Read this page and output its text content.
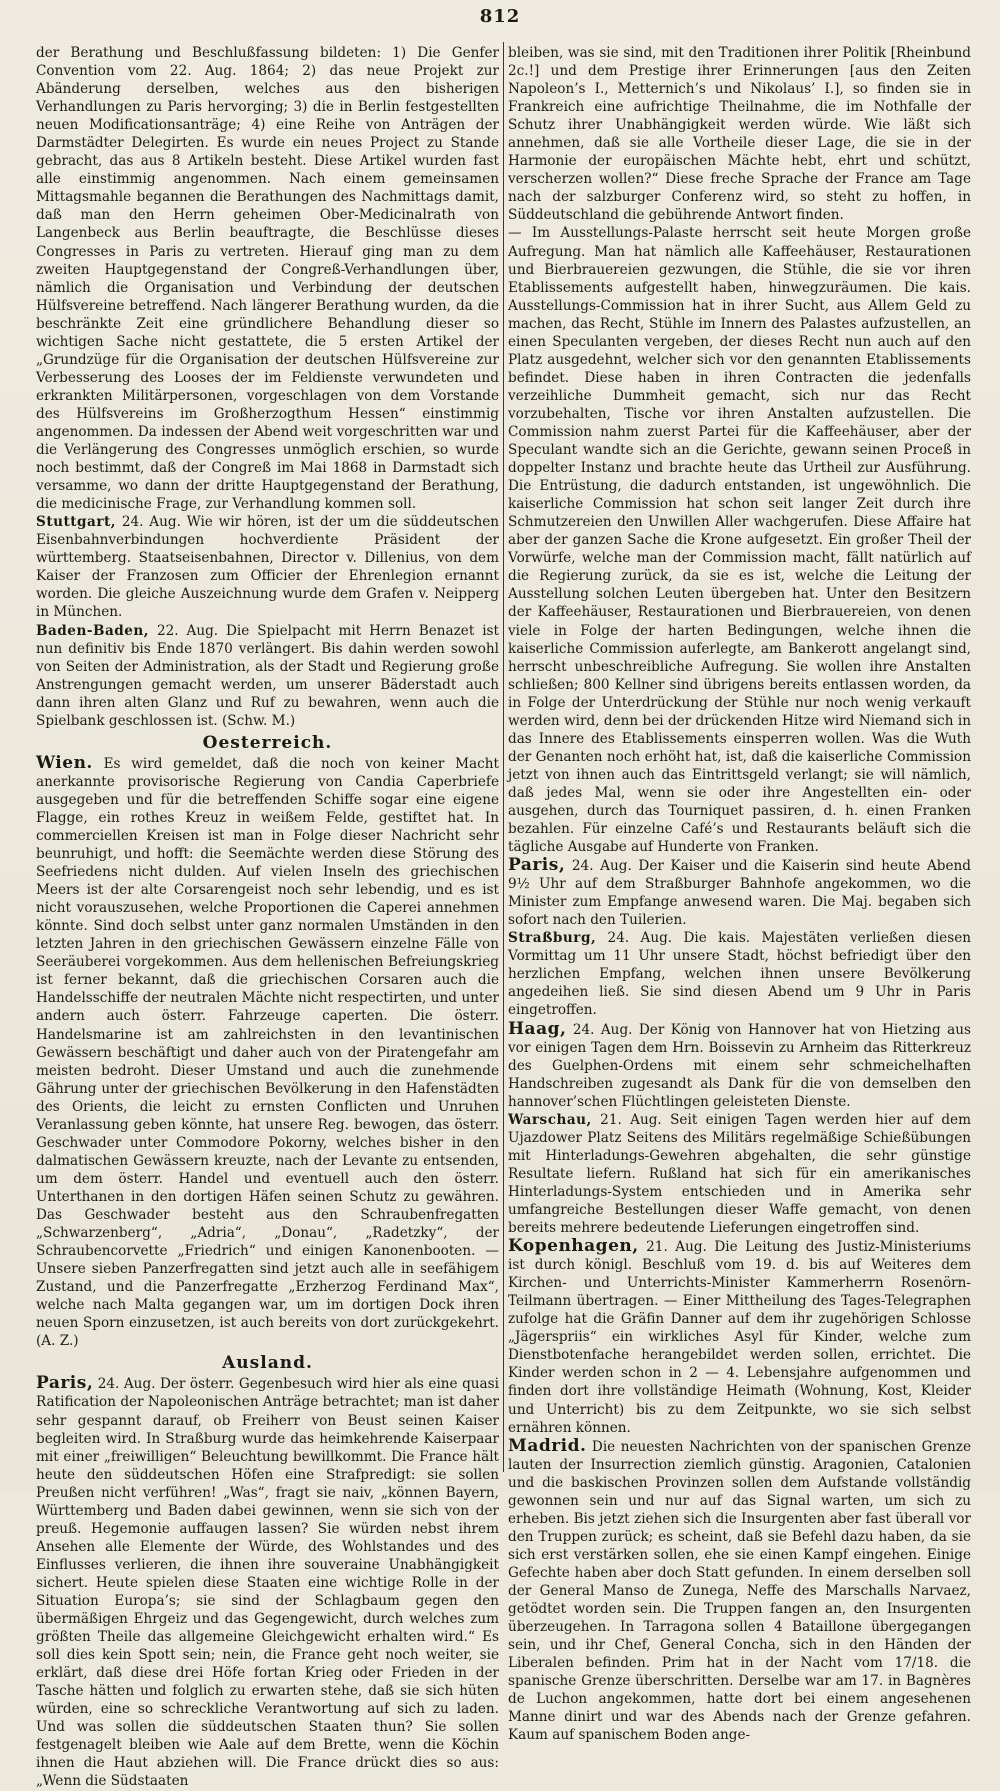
812

der Berathung und Beschlußfassung bildeten: 1) Die Genfer Convention vom 22. Aug. 1864; 2) das neue Projekt zur Abänderung derselben, welches aus den bisherigen Verhandlungen zu Paris hervorging; 3) die in Berlin festgestellten neuen Modificationsanträge; 4) eine Reihe von Anträgen der Darmstädter Delegirten. Es wurde ein neues Project zu Stande gebracht, das aus 8 Artikeln besteht. Diese Artikel wurden fast alle einstimmig angenommen. Nach einem gemeinsamen Mittagsmahle begannen die Berathungen des Nachmittags damit, daß man den Herrn geheimen Ober-Medicinalrath von Langenbeck aus Berlin beauftragte, die Beschlüsse dieses Congresses in Paris zu vertreten. Hierauf ging man zu dem zweiten Hauptgegenstand der Congreß-Verhandlungen über, nämlich die Organisation und Verbindung der deutschen Hülfsvereine betreffend. Nach längerer Berathung wurden, da die beschränkte Zeit eine gründlichere Behandlung dieser so wichtigen Sache nicht gestattete, die 5 ersten Artikel der „Grundzüge für die Organisation der deutschen Hülfsvereine zur Verbesserung des Looses der im Feldienste verwundeten und erkrankten Militärpersonen, vorgeschlagen von dem Vorstande des Hülfsvereins im Großherzogthum Hessen“ einstimmig angenommen. Da indessen der Abend weit vorgeschritten war und die Verlängerung des Congresses unmöglich erschien, so wurde noch bestimmt, daß der Congreß im Mai 1868 in Darmstadt sich versamme, wo dann der dritte Hauptgegenstand der Berathung, die medicinische Frage, zur Verhandlung kommen soll.

Stuttgart, 24. Aug. Wie wir hören, ist der um die süddeutschen Eisenbahnverbindungen hochverdiente Präsident der württemberg. Staatseisenbahnen, Director v. Dillenius, von dem Kaiser der Franzosen zum Officier der Ehrenlegion ernannt worden. Die gleiche Auszeichnung wurde dem Grafen v. Neipperg in München.

Baden-Baden, 22. Aug. Die Spielpacht mit Herrn Benazet ist nun definitiv bis Ende 1870 verlängert. Bis dahin werden sowohl von Seiten der Administration, als der Stadt und Regierung große Anstrengungen gemacht werden, um unserer Bäderstadt auch dann ihren alten Glanz und Ruf zu bewahren, wenn auch die Spielbank geschlossen ist. (Schw. M.)

Oesterreich.

Wien. Es wird gemeldet, daß die noch von keiner Macht anerkannte provisorische Regierung von Candia Caperbriefe ausgegeben und für die betreffenden Schiffe sogar eine eigene Flagge, ein rothes Kreuz in weißem Felde, gestiftet hat. In commerciellen Kreisen ist man in Folge dieser Nachricht sehr beunruhigt, und hofft: die Seemächte werden diese Störung des Seefriedens nicht dulden. Auf vielen Inseln des griechischen Meers ist der alte Corsarengeist noch sehr lebendig, und es ist nicht vorauszusehen, welche Proportionen die Caperei annehmen könnte. Sind doch selbst unter ganz normalen Umständen in den letzten Jahren in den griechischen Gewässern einzelne Fälle von Seeräuberei vorgekommen. Aus dem hellenischen Befreiungskrieg ist ferner bekannt, daß die griechischen Corsaren auch die Handelsschiffe der neutralen Mächte nicht respectirten, und unter andern auch österr. Fahrzeuge caperten. Die österr. Handelsmarine ist am zahlreichsten in den levantinischen Gewässern beschäftigt und daher auch von der Piratengefahr am meisten bedroht. Dieser Umstand und auch die zunehmende Gährung unter der griechischen Bevölkerung in den Hafenstädten des Orients, die leicht zu ernsten Conflicten und Unruhen Veranlassung geben könnte, hat unsere Reg. bewogen, das österr. Geschwader unter Commodore Pokorny, welches bisher in den dalmatischen Gewässern kreuzte, nach der Levante zu entsenden, um dem österr. Handel und eventuell auch den österr. Unterthanen in den dortigen Häfen seinen Schutz zu gewähren. Das Geschwader besteht aus den Schraubenfregatten „Schwarzenberg“, „Adria“, „Donau“, „Radetzky“, der Schraubencorvette „Friedrich“ und einigen Kanonenbooten. — Unsere sieben Panzerfregatten sind jetzt auch alle in seefähigem Zustand, und die Panzerfregatte „Erzherzog Ferdinand Max“, welche nach Malta gegangen war, um im dortigen Dock ihren neuen Sporn einzusetzen, ist auch bereits von dort zurückgekehrt. (A. Z.)

Ausland.

Paris, 24. Aug. Der österr. Gegenbesuch wird hier als eine quasi Ratification der Napoleonischen Anträge betrachtet; man ist daher sehr gespannt darauf, ob Freiherr von Beust seinen Kaiser begleiten wird. In Straßburg wurde das heimkehrende Kaiserpaar mit einer „freiwilligen“ Beleuchtung bewillkommt. Die France hält heute den süddeutschen Höfen eine Strafpredigt: sie sollen Preußen nicht verführen! „Was“, fragt sie naiv, „können Bayern, Württemberg und Baden dabei gewinnen, wenn sie sich von der preuß. Hegemonie auffaugen lassen? Sie würden nebst ihrem Ansehen alle Elemente der Würde, des Wohlstandes und des Einflusses verlieren, die ihnen ihre souveraine Unabhängigkeit sichert. Heute spielen diese Staaten eine wichtige Rolle in der Situation Europa’s; sie sind der Schlagbaum gegen den übermäßigen Ehrgeiz und das Gegengewicht, durch welches zum größten Theile das allgemeine Gleichgewicht erhalten wird.“ Es soll dies kein Spott sein; nein, die France geht noch weiter, sie erklärt, daß diese drei Höfe fortan Krieg oder Frieden in der Tasche hätten und folglich zu erwarten stehe, daß sie sich hüten würden, eine so schreckliche Verantwortung auf sich zu laden. Und was sollen die süddeutschen Staaten thun? Sie sollen festgenagelt bleiben wie Aale auf dem Brette, wenn die Köchin ihnen die Haut abziehen will. Die France drückt dies so aus: „Wenn die Südstaaten

bleiben, was sie sind, mit den Traditionen ihrer Politik [Rheinbund 2c.!] und dem Prestige ihrer Erinnerungen [aus den Zeiten Napoleon’s I., Metternich’s und Nikolaus’ I.], so finden sie in Frankreich eine aufrichtige Theilnahme, die im Nothfalle der Schutz ihrer Unabhängigkeit werden würde. Wie läßt sich annehmen, daß sie alle Vortheile dieser Lage, die sie in der Harmonie der europäischen Mächte hebt, ehrt und schützt, verscherzen wollen?“ Diese freche Sprache der France am Tage nach der salzburger Conferenz wird, so steht zu hoffen, in Süddeutschland die gebührende Antwort finden.

— Im Ausstellungs-Palaste herrscht seit heute Morgen große Aufregung. Man hat nämlich alle Kaffeehäuser, Restaurationen und Bierbrauereien gezwungen, die Stühle, die sie vor ihren Etablissements aufgestellt haben, hinwegzuräumen. Die kais. Ausstellungs-Commission hat in ihrer Sucht, aus Allem Geld zu machen, das Recht, Stühle im Innern des Palastes aufzustellen, an einen Speculanten vergeben, der dieses Recht nun auch auf den Platz ausgedehnt, welcher sich vor den genannten Etablissements befindet. Diese haben in ihren Contracten die jedenfalls verzeihliche Dummheit gemacht, sich nur das Recht vorzubehalten, Tische vor ihren Anstalten aufzustellen. Die Commission nahm zuerst Partei für die Kaffeehäuser, aber der Speculant wandte sich an die Gerichte, gewann seinen Proceß in doppelter Instanz und brachte heute das Urtheil zur Ausführung. Die Entrüstung, die dadurch entstanden, ist ungewöhnlich. Die kaiserliche Commission hat schon seit langer Zeit durch ihre Schmutzereien den Unwillen Aller wachgerufen. Diese Affaire hat aber der ganzen Sache die Krone aufgesetzt. Ein großer Theil der Vorwürfe, welche man der Commission macht, fällt natürlich auf die Regierung zurück, da sie es ist, welche die Leitung der Ausstellung solchen Leuten übergeben hat. Unter den Besitzern der Kaffeehäuser, Restaurationen und Bierbrauereien, von denen viele in Folge der harten Bedingungen, welche ihnen die kaiserliche Commission auferlegte, am Bankerott angelangt sind, herrscht unbeschreibliche Aufregung. Sie wollen ihre Anstalten schließen; 800 Kellner sind übrigens bereits entlassen worden, da in Folge der Unterdrückung der Stühle nur noch wenig verkauft werden wird, denn bei der drückenden Hitze wird Niemand sich in das Innere des Etablissements einsperren wollen. Was die Wuth der Genanten noch erhöht hat, ist, daß die kaiserliche Commission jetzt von ihnen auch das Eintrittsgeld verlangt; sie will nämlich, daß jedes Mal, wenn sie oder ihre Angestellten ein- oder ausgehen, durch das Tourniquet passiren, d. h. einen Franken bezahlen. Für einzelne Café’s und Restaurants beläuft sich die tägliche Ausgabe auf Hunderte von Franken.

Paris, 24. Aug. Der Kaiser und die Kaiserin sind heute Abend 9½ Uhr auf dem Straßburger Bahnhofe angekommen, wo die Minister zum Empfange anwesend waren. Die Maj. begaben sich sofort nach den Tuilerien.

Straßburg, 24. Aug. Die kais. Majestäten verließen diesen Vormittag um 11 Uhr unsere Stadt, höchst befriedigt über den herzlichen Empfang, welchen ihnen unsere Bevölkerung angedeihen ließ. Sie sind diesen Abend um 9 Uhr in Paris eingetroffen.

Haag, 24. Aug. Der König von Hannover hat von Hietzing aus vor einigen Tagen dem Hrn. Boissevin zu Arnheim das Ritterkreuz des Guelphen-Ordens mit einem sehr schmeichelhaften Handschreiben zugesandt als Dank für die von demselben den hannover’schen Flüchtlingen geleisteten Dienste.

Warschau, 21. Aug. Seit einigen Tagen werden hier auf dem Ujazdower Platz Seitens des Militärs regelmäßige Schießübungen mit Hinterladungs-Gewehren abgehalten, die sehr günstige Resultate liefern. Rußland hat sich für ein amerikanisches Hinterladungs-System entschieden und in Amerika sehr umfangreiche Bestellungen dieser Waffe gemacht, von denen bereits mehrere bedeutende Lieferungen eingetroffen sind.

Kopenhagen, 21. Aug. Die Leitung des Justiz-Ministeriums ist durch königl. Beschluß vom 19. d. bis auf Weiteres dem Kirchen- und Unterrichts-Minister Kammerherrn Rosenörn-Teilmann übertragen. — Einer Mittheilung des Tages-Telegraphen zufolge hat die Gräfin Danner auf dem ihr zugehörigen Schlosse „Jägerspriis“ ein wirkliches Asyl für Kinder, welche zum Dienstbotenfache herangebildet werden sollen, errichtet. Die Kinder werden schon in 2 — 4. Lebensjahre aufgenommen und finden dort ihre vollständige Heimath (Wohnung, Kost, Kleider und Unterricht) bis zu dem Zeitpunkte, wo sie sich selbst ernähren können.

Madrid. Die neuesten Nachrichten von der spanischen Grenze lauten der Insurrection ziemlich günstig. Aragonien, Catalonien und die baskischen Provinzen sollen dem Aufstande vollständig gewonnen sein und nur auf das Signal warten, um sich zu erheben. Bis jetzt ziehen sich die Insurgenten aber fast überall vor den Truppen zurück; es scheint, daß sie Befehl dazu haben, da sie sich erst verstärken sollen, ehe sie einen Kampf eingehen. Einige Gefechte haben aber doch Statt gefunden. In einem derselben soll der General Manso de Zunega, Neffe des Marschalls Narvaez, getödtet worden sein. Die Truppen fangen an, den Insurgenten überzeugehen. In Tarragona sollen 4 Bataillone übergegangen sein, und ihr Chef, General Concha, sich in den Händen der Liberalen befinden. Prim hat in der Nacht vom 17/18. die spanische Grenze überschritten. Derselbe war am 17. in Bagnères de Luchon angekommen, hatte dort bei einem angesehenen Manne dinirt und war des Abends nach der Grenze gefahren. Kaum auf spanischem Boden ange-
